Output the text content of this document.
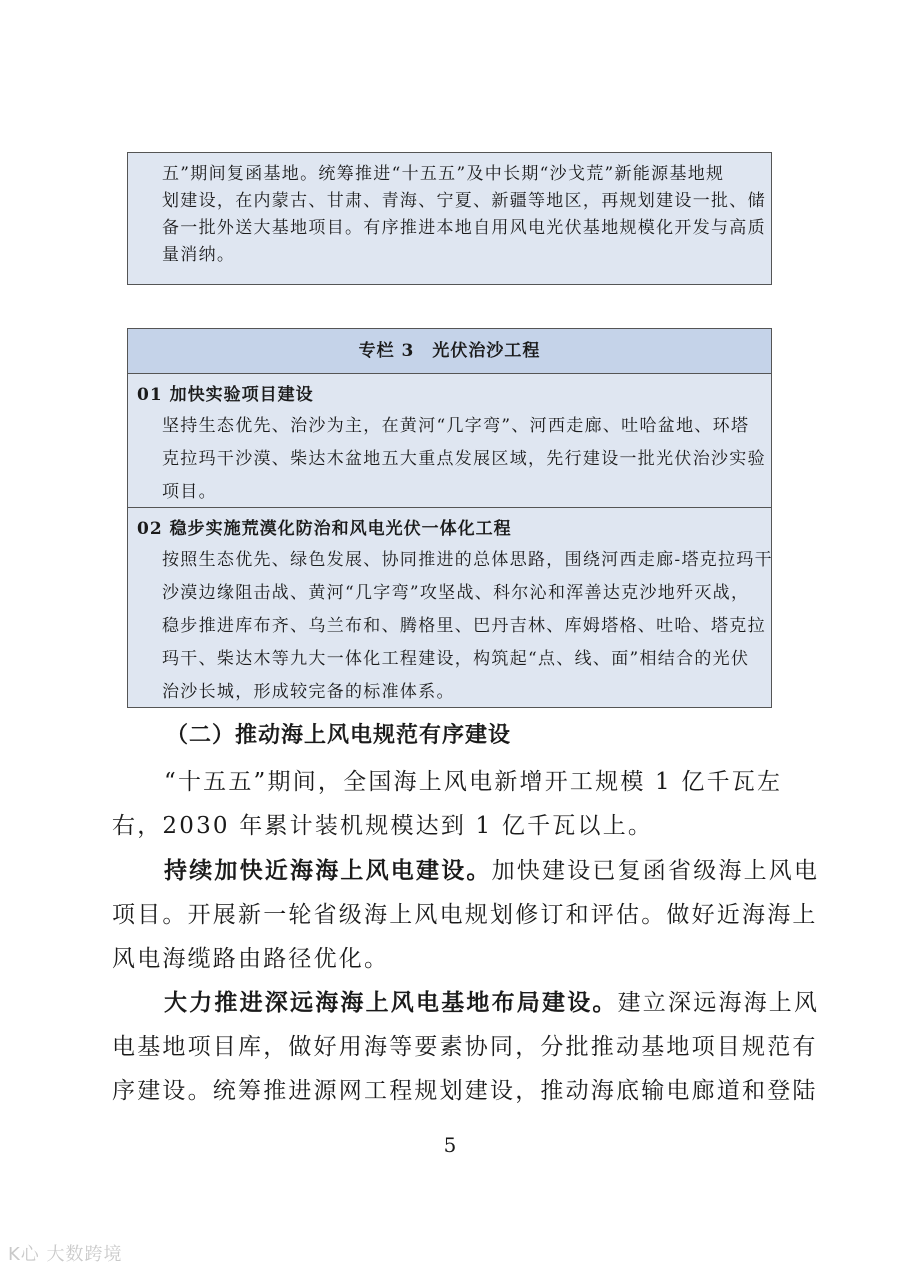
五”期间复函基地。统筹推进“十五五”及中长期“沙戈荒”新能源基地规
划建设，在内蒙古、甘肃、青海、宁夏、新疆等地区，再规划建设一批、储
备一批外送大基地项目。有序推进本地自用风电光伏基地规模化开发与高质
量消纳。
专栏 3　光伏治沙工程
01 加快实验项目建设
坚持生态优先、治沙为主，在黄河“几字弯”、河西走廊、吐哈盆地、环塔
克拉玛干沙漠、柴达木盆地五大重点发展区域，先行建设一批光伏治沙实验
项目。
02 稳步实施荒漠化防治和风电光伏一体化工程
按照生态优先、绿色发展、协同推进的总体思路，围绕河西走廊-塔克拉玛干
沙漠边缘阻击战、黄河“几字弯”攻坚战、科尔沁和浑善达克沙地歼灭战，
稳步推进库布齐、乌兰布和、腾格里、巴丹吉林、库姆塔格、吐哈、塔克拉
玛干、柴达木等九大一体化工程建设，构筑起“点、线、面”相结合的光伏
治沙长城，形成较完备的标准体系。
（二）推动海上风电规范有序建设
“十五五”期间，全国海上风电新增开工规模 1 亿千瓦左
右，2030 年累计装机规模达到 1 亿千瓦以上。
持续加快近海海上风电建设。加快建设已复函省级海上风电
项目。开展新一轮省级海上风电规划修订和评估。做好近海海上
风电海缆路由路径优化。
大力推进深远海海上风电基地布局建设。建立深远海海上风
电基地项目库，做好用海等要素协同，分批推动基地项目规范有
序建设。统筹推进源网工程规划建设，推动海底输电廊道和登陆
5
K心 大数跨境
